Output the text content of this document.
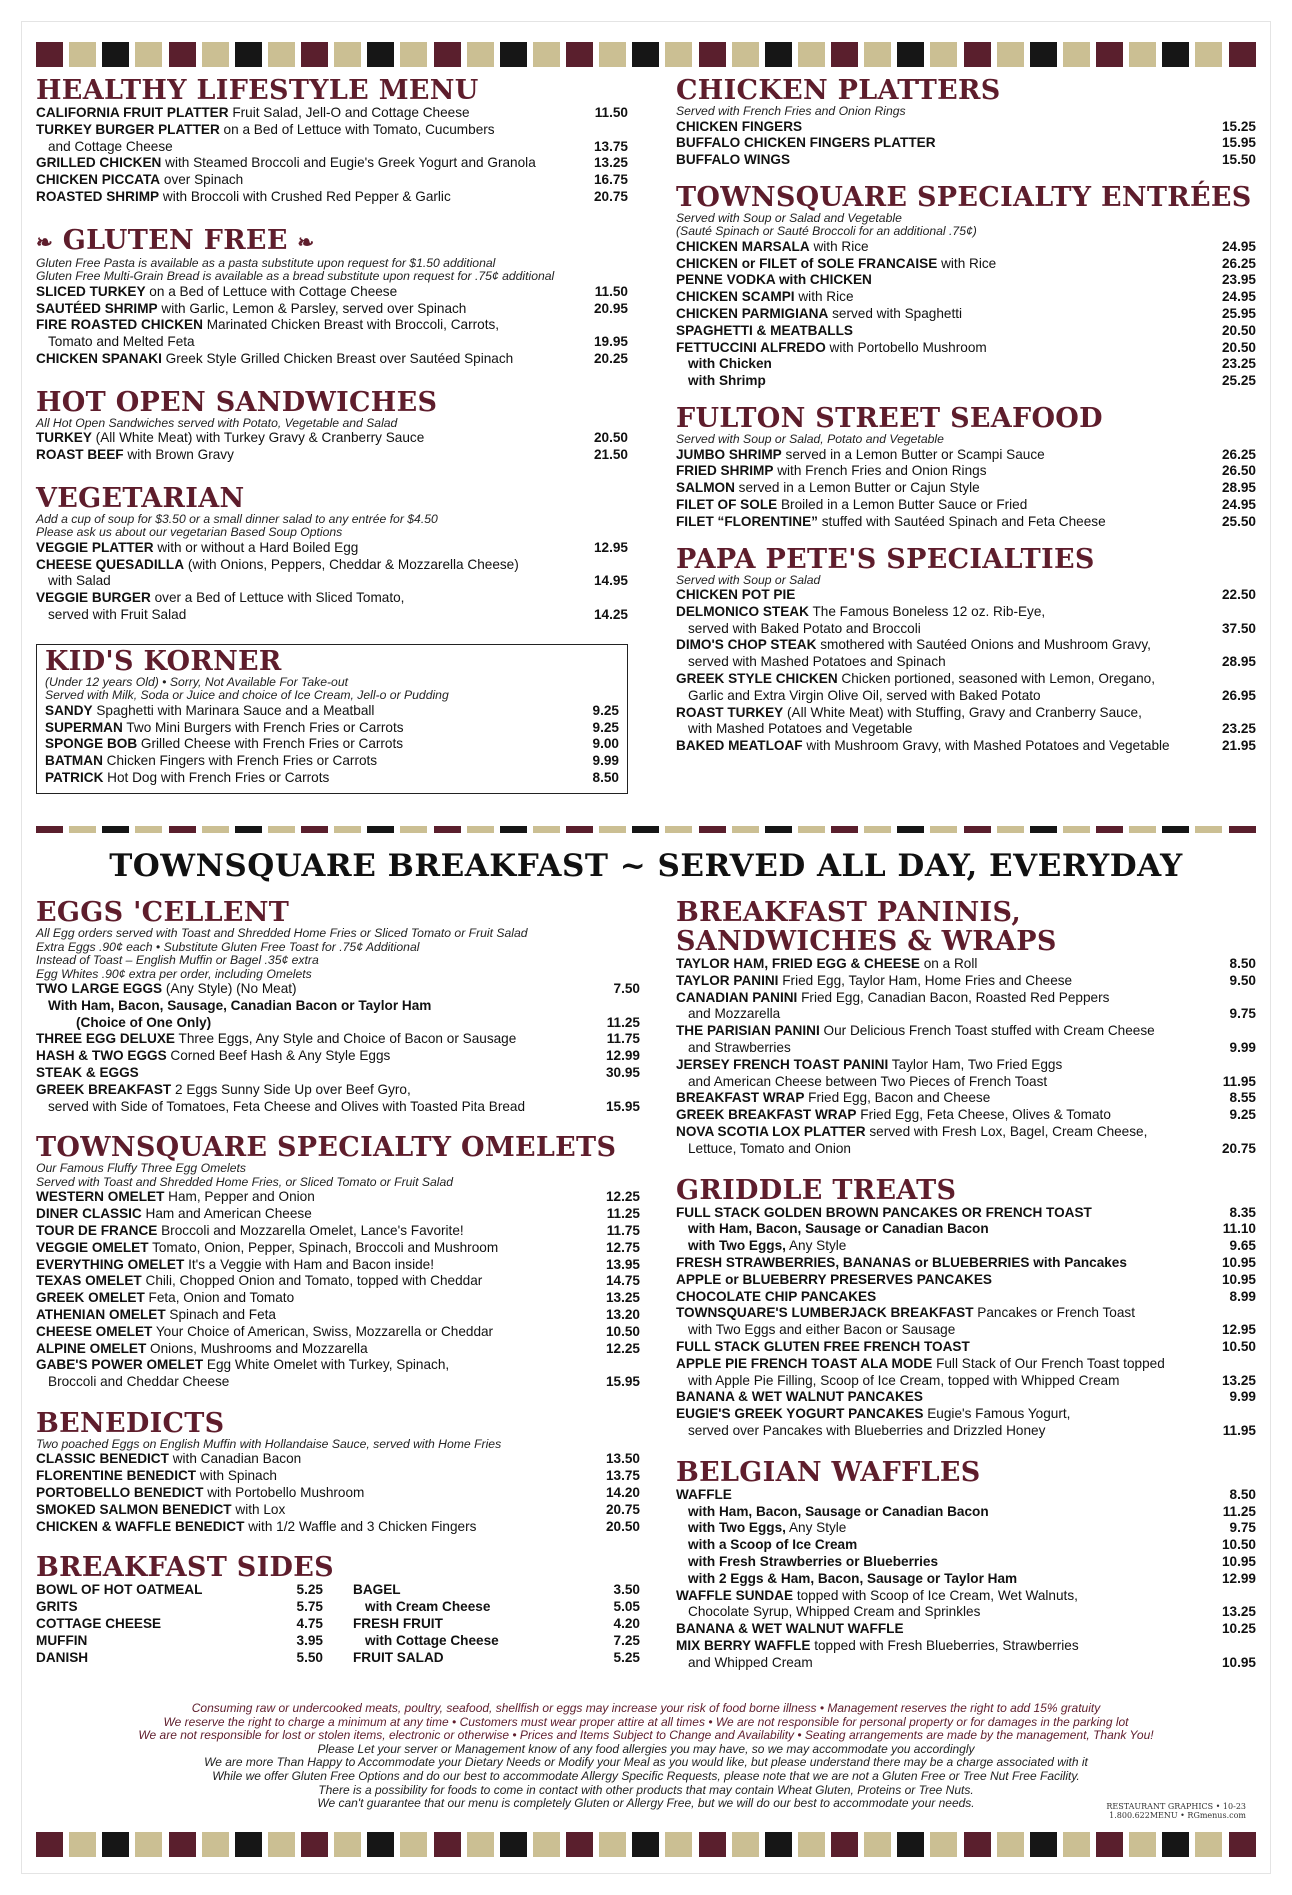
HEALTHY LIFESTYLE MENU
CALIFORNIA FRUIT PLATTER Fruit Salad, Jell-O and Cottage Cheese	11.50
TURKEY BURGER PLATTER on a Bed of Lettuce with Tomato, Cucumbers
and Cottage Cheese	13.75
GRILLED CHICKEN with Steamed Broccoli and Eugie's Greek Yogurt and Granola	13.25
CHICKEN PICCATA over Spinach	16.75
ROASTED SHRIMP with Broccoli with Crushed Red Pepper & Garlic	20.75
❧ GLUTEN FREE ❧
Gluten Free Pasta is available as a pasta substitute upon request for $1.50 additional
Gluten Free Multi-Grain Bread is available as a bread substitute upon request for .75¢ additional
SLICED TURKEY on a Bed of Lettuce with Cottage Cheese	11.50
SAUTÉED SHRIMP with Garlic, Lemon & Parsley, served over Spinach	20.95
FIRE ROASTED CHICKEN Marinated Chicken Breast with Broccoli, Carrots,
Tomato and Melted Feta	19.95
CHICKEN SPANAKI Greek Style Grilled Chicken Breast over Sautéed Spinach	20.25
HOT OPEN SANDWICHES
All Hot Open Sandwiches served with Potato, Vegetable and Salad
TURKEY (All White Meat) with Turkey Gravy & Cranberry Sauce	20.50
ROAST BEEF with Brown Gravy	21.50
VEGETARIAN
Add a cup of soup for $3.50 or a small dinner salad to any entrée for $4.50
Please ask us about our vegetarian Based Soup Options
VEGGIE PLATTER with or without a Hard Boiled Egg	12.95
CHEESE QUESADILLA (with Onions, Peppers, Cheddar & Mozzarella Cheese)
with Salad	14.95
VEGGIE BURGER over a Bed of Lettuce with Sliced Tomato,
served with Fruit Salad	14.25
KID'S KORNER
(Under 12 years Old) • Sorry, Not Available For Take-out
Served with Milk, Soda or Juice and choice of Ice Cream, Jell-o or Pudding
SANDY Spaghetti with Marinara Sauce and a Meatball	9.25
SUPERMAN Two Mini Burgers with French Fries or Carrots	9.25
SPONGE BOB Grilled Cheese with French Fries or Carrots	9.00
BATMAN Chicken Fingers with French Fries or Carrots	9.99
PATRICK Hot Dog with French Fries or Carrots	8.50
CHICKEN PLATTERS
Served with French Fries and Onion Rings
CHICKEN FINGERS	15.25
BUFFALO CHICKEN FINGERS PLATTER	15.95
BUFFALO WINGS	15.50
TOWNSQUARE SPECIALTY ENTRÉES
Served with Soup or Salad and Vegetable
(Sauté Spinach or Sauté Broccoli for an additional .75¢)
CHICKEN MARSALA with Rice	24.95
CHICKEN or FILET of SOLE FRANCAISE with Rice	26.25
PENNE VODKA with CHICKEN	23.95
CHICKEN SCAMPI with Rice	24.95
CHICKEN PARMIGIANA served with Spaghetti	25.95
SPAGHETTI & MEATBALLS	20.50
FETTUCCINI ALFREDO with Portobello Mushroom	20.50
with Chicken	23.25
with Shrimp	25.25
FULTON STREET SEAFOOD
Served with Soup or Salad, Potato and Vegetable
JUMBO SHRIMP served in a Lemon Butter or Scampi Sauce	26.25
FRIED SHRIMP with French Fries and Onion Rings	26.50
SALMON served in a Lemon Butter or Cajun Style	28.95
FILET OF SOLE Broiled in a Lemon Butter Sauce or Fried	24.95
FILET “FLORENTINE” stuffed with Sautéed Spinach and Feta Cheese	25.50
PAPA PETE'S SPECIALTIES
Served with Soup or Salad
CHICKEN POT PIE	22.50
DELMONICO STEAK The Famous Boneless 12 oz. Rib-Eye,
served with Baked Potato and Broccoli	37.50
DIMO'S CHOP STEAK smothered with Sautéed Onions and Mushroom Gravy,
served with Mashed Potatoes and Spinach	28.95
GREEK STYLE CHICKEN Chicken portioned, seasoned with Lemon, Oregano,
Garlic and Extra Virgin Olive Oil, served with Baked Potato	26.95
ROAST TURKEY (All White Meat) with Stuffing, Gravy and Cranberry Sauce,
with Mashed Potatoes and Vegetable	23.25
BAKED MEATLOAF with Mushroom Gravy, with Mashed Potatoes and Vegetable	21.95
TOWNSQUARE BREAKFAST ~ SERVED ALL DAY, EVERYDAY
EGGS 'CELLENT
All Egg orders served with Toast and Shredded Home Fries or Sliced Tomato or Fruit Salad
Extra Eggs .90¢ each • Substitute Gluten Free Toast for .75¢ Additional
Instead of Toast – English Muffin or Bagel .35¢ extra
Egg Whites .90¢ extra per order, including Omelets
TWO LARGE EGGS (Any Style) (No Meat)	7.50
With Ham, Bacon, Sausage, Canadian Bacon or Taylor Ham
(Choice of One Only)	11.25
THREE EGG DELUXE Three Eggs, Any Style and Choice of Bacon or Sausage	11.75
HASH & TWO EGGS Corned Beef Hash & Any Style Eggs	12.99
STEAK & EGGS	30.95
GREEK BREAKFAST 2 Eggs Sunny Side Up over Beef Gyro,
served with Side of Tomatoes, Feta Cheese and Olives with Toasted Pita Bread	15.95
TOWNSQUARE SPECIALTY OMELETS
Our Famous Fluffy Three Egg Omelets
Served with Toast and Shredded Home Fries, or Sliced Tomato or Fruit Salad
WESTERN OMELET Ham, Pepper and Onion	12.25
DINER CLASSIC Ham and American Cheese	11.25
TOUR DE FRANCE Broccoli and Mozzarella Omelet, Lance's Favorite!	11.75
VEGGIE OMELET Tomato, Onion, Pepper, Spinach, Broccoli and Mushroom	12.75
EVERYTHING OMELET It's a Veggie with Ham and Bacon inside!	13.95
TEXAS OMELET Chili, Chopped Onion and Tomato, topped with Cheddar	14.75
GREEK OMELET Feta, Onion and Tomato	13.25
ATHENIAN OMELET Spinach and Feta	13.20
CHEESE OMELET Your Choice of American, Swiss, Mozzarella or Cheddar	10.50
ALPINE OMELET Onions, Mushrooms and Mozzarella	12.25
GABE'S POWER OMELET Egg White Omelet with Turkey, Spinach,
Broccoli and Cheddar Cheese	15.95
BENEDICTS
Two poached Eggs on English Muffin with Hollandaise Sauce, served with Home Fries
CLASSIC BENEDICT with Canadian Bacon	13.50
FLORENTINE BENEDICT with Spinach	13.75
PORTOBELLO BENEDICT with Portobello Mushroom	14.20
SMOKED SALMON BENEDICT with Lox	20.75
CHICKEN & WAFFLE BENEDICT with 1/2 Waffle and 3 Chicken Fingers	20.50
BREAKFAST SIDES
BOWL OF HOT OATMEAL	5.25
GRITS	5.75
COTTAGE CHEESE	4.75
MUFFIN	3.95
DANISH	5.50
BAGEL	3.50
with Cream Cheese	5.05
FRESH FRUIT	4.20
with Cottage Cheese	7.25
FRUIT SALAD	5.25
BREAKFAST PANINIS, SANDWICHES & WRAPS
TAYLOR HAM, FRIED EGG & CHEESE on a Roll	8.50
TAYLOR PANINI Fried Egg, Taylor Ham, Home Fries and Cheese	9.50
CANADIAN PANINI Fried Egg, Canadian Bacon, Roasted Red Peppers
and Mozzarella	9.75
THE PARISIAN PANINI Our Delicious French Toast stuffed with Cream Cheese
and Strawberries	9.99
JERSEY FRENCH TOAST PANINI Taylor Ham, Two Fried Eggs
and American Cheese between Two Pieces of French Toast	11.95
BREAKFAST WRAP Fried Egg, Bacon and Cheese	8.55
GREEK BREAKFAST WRAP Fried Egg, Feta Cheese, Olives & Tomato	9.25
NOVA SCOTIA LOX PLATTER served with Fresh Lox, Bagel, Cream Cheese,
Lettuce, Tomato and Onion	20.75
GRIDDLE TREATS
FULL STACK GOLDEN BROWN PANCAKES OR FRENCH TOAST	8.35
with Ham, Bacon, Sausage or Canadian Bacon	11.10
with Two Eggs, Any Style	9.65
FRESH STRAWBERRIES, BANANAS or BLUEBERRIES with Pancakes	10.95
APPLE or BLUEBERRY PRESERVES PANCAKES	10.95
CHOCOLATE CHIP PANCAKES	8.99
TOWNSQUARE'S LUMBERJACK BREAKFAST Pancakes or French Toast
with Two Eggs and either Bacon or Sausage	12.95
FULL STACK GLUTEN FREE FRENCH TOAST	10.50
APPLE PIE FRENCH TOAST ALA MODE Full Stack of Our French Toast topped
with Apple Pie Filling, Scoop of Ice Cream, topped with Whipped Cream	13.25
BANANA & WET WALNUT PANCAKES	9.99
EUGIE'S GREEK YOGURT PANCAKES Eugie's Famous Yogurt,
served over Pancakes with Blueberries and Drizzled Honey	11.95
BELGIAN WAFFLES
WAFFLE	8.50
with Ham, Bacon, Sausage or Canadian Bacon	11.25
with Two Eggs, Any Style	9.75
with a Scoop of Ice Cream	10.50
with Fresh Strawberries or Blueberries	10.95
with 2 Eggs & Ham, Bacon, Sausage or Taylor Ham	12.99
WAFFLE SUNDAE topped with Scoop of Ice Cream, Wet Walnuts,
Chocolate Syrup, Whipped Cream and Sprinkles	13.25
BANANA & WET WALNUT WAFFLE	10.25
MIX BERRY WAFFLE topped with Fresh Blueberries, Strawberries
and Whipped Cream	10.95
Consuming raw or undercooked meats, poultry, seafood, shellfish or eggs may increase your risk of food borne illness • Management reserves the right to add 15% gratuity
We reserve the right to charge a minimum at any time • Customers must wear proper attire at all times • We are not responsible for personal property or for damages in the parking lot
We are not responsible for lost or stolen items, electronic or otherwise • Prices and Items Subject to Change and Availability • Seating arrangements are made by the management, Thank You!
Please Let your server or Management know of any food allergies you may have, so we may accommodate you accordingly
We are more Than Happy to Accommodate your Dietary Needs or Modify your Meal as you would like, but please understand there may be a charge associated with it
While we offer Gluten Free Options and do our best to accommodate Allergy Specific Requests, please note that we are not a Gluten Free or Tree Nut Free Facility.
There is a possibility for foods to come in contact with other products that may contain Wheat Gluten, Proteins or Tree Nuts.
We can't guarantee that our menu is completely Gluten or Allergy Free, but we will do our best to accommodate your needs.	RESTAURANT GRAPHICS • 10-23
1.800.622MENU • RGmenus.com
